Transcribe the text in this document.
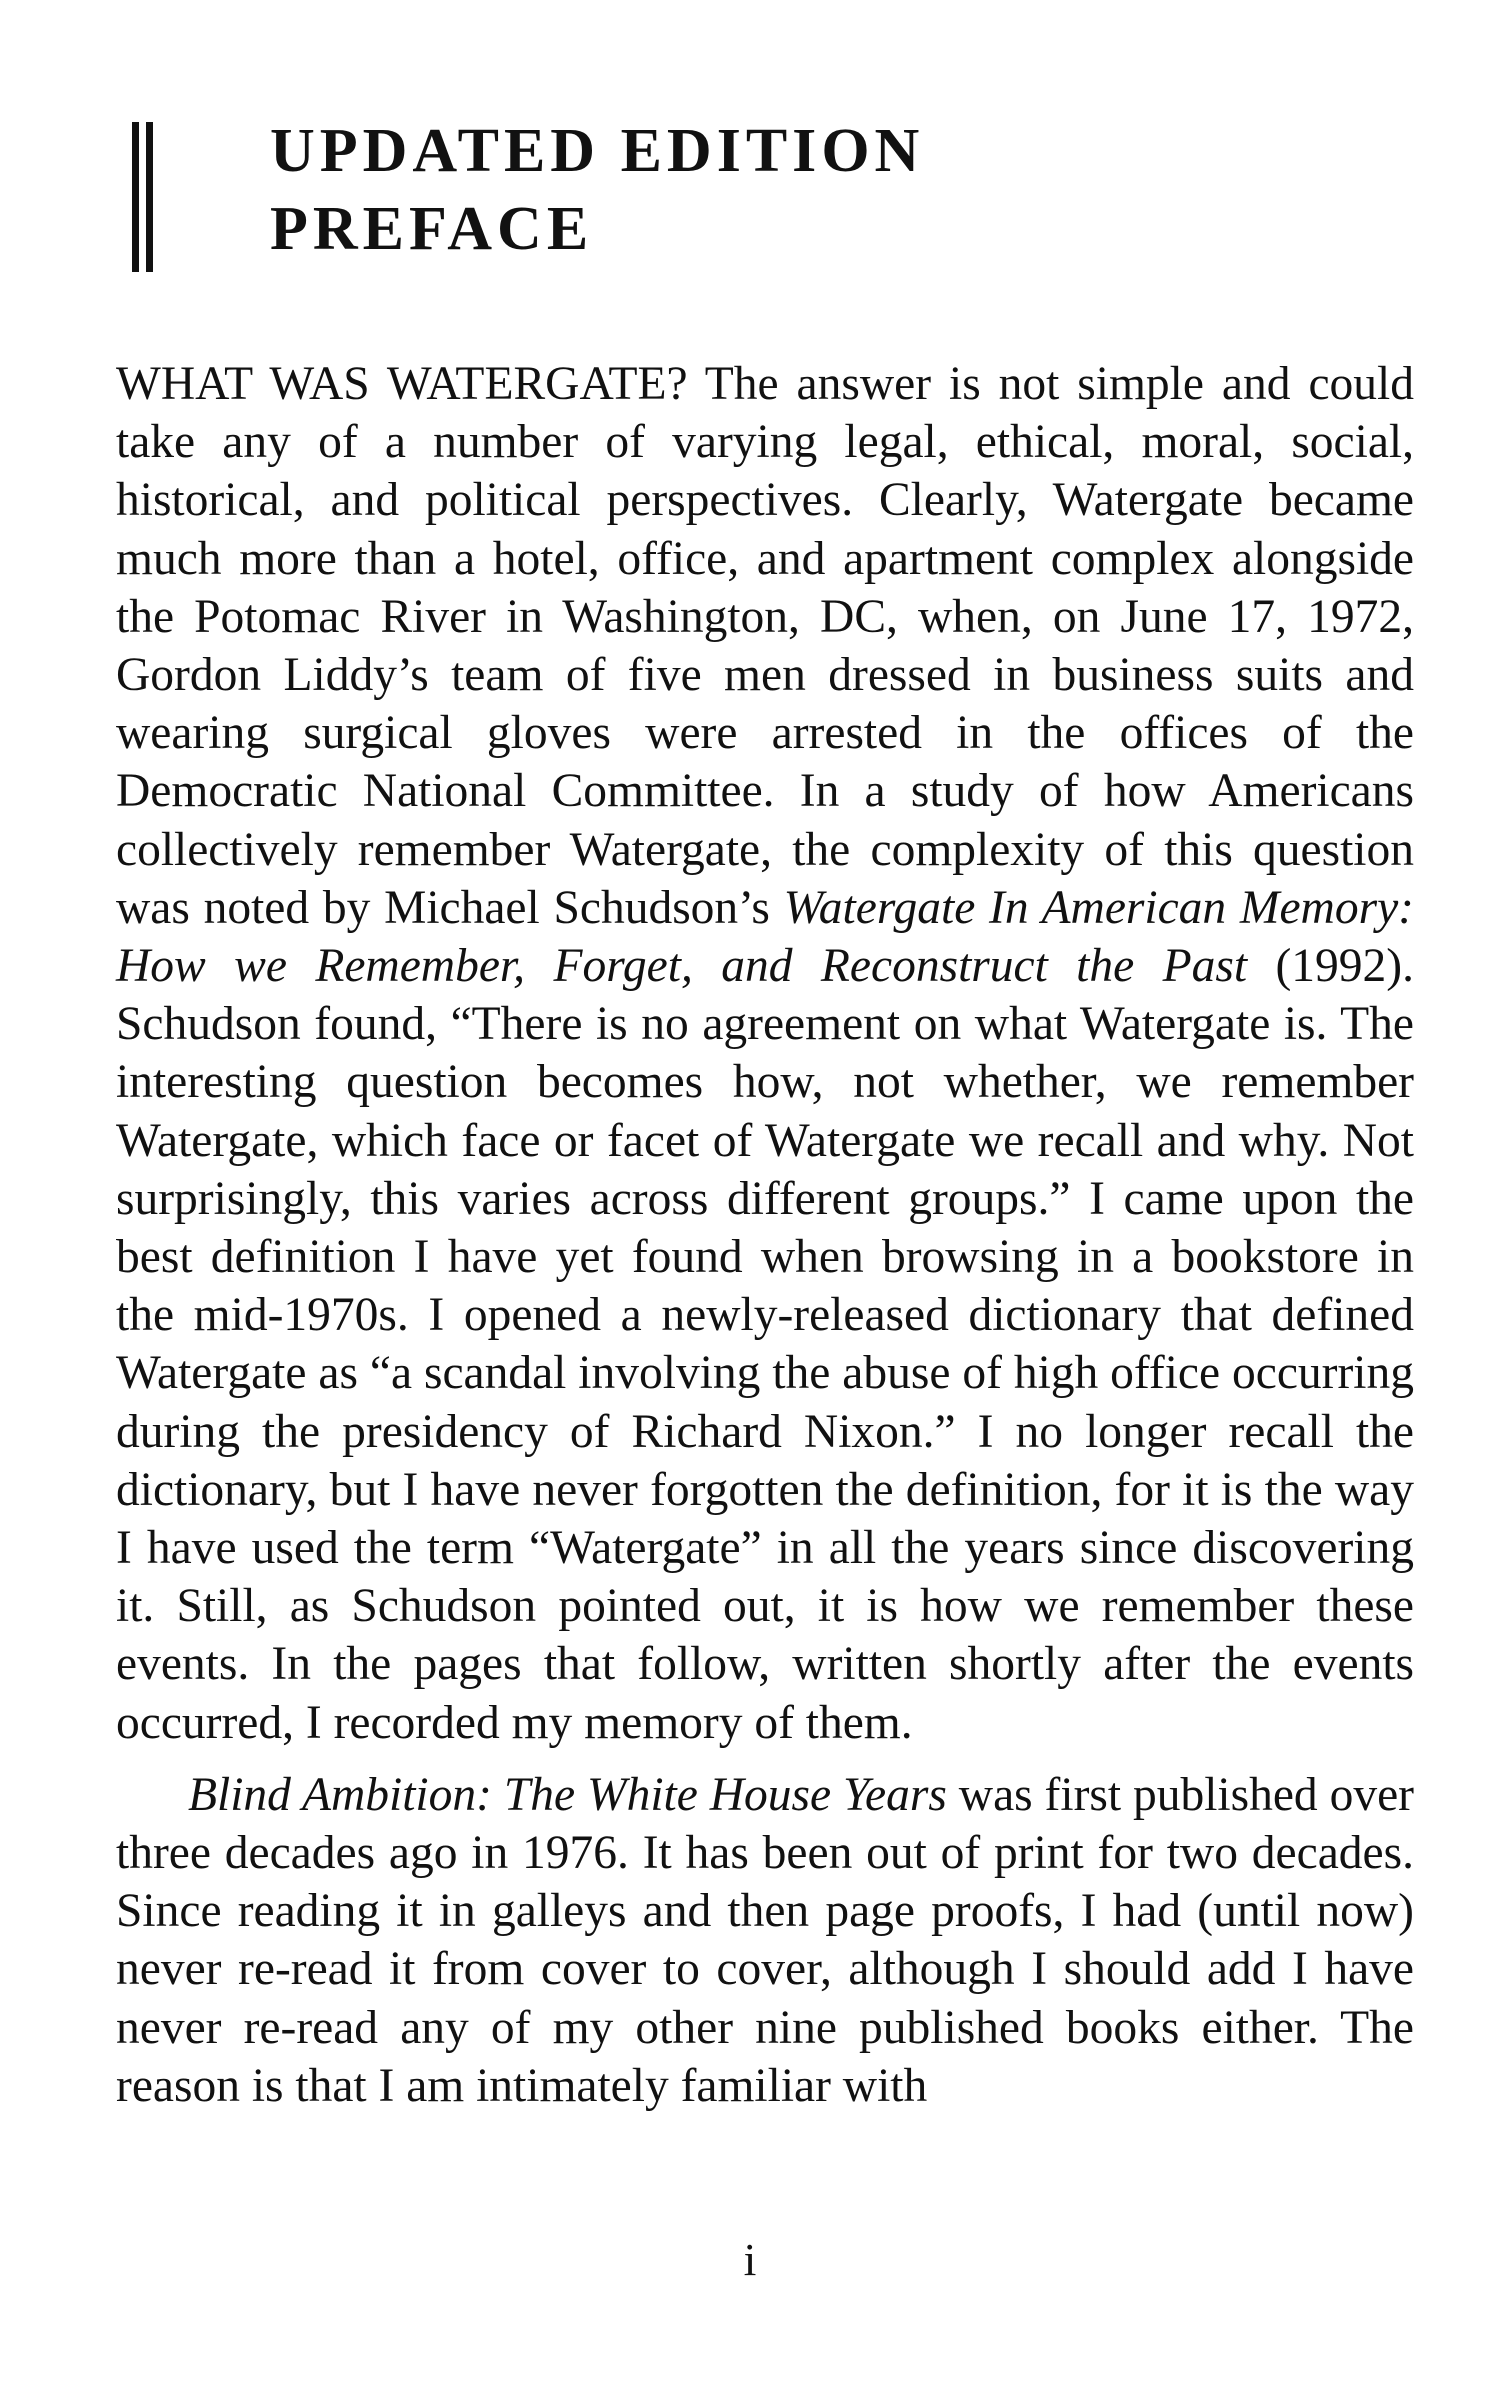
UPDATED EDITION
PREFACE

WHAT WAS WATERGATE? The answer is not simple and could take any of a number of varying legal, ethical, moral, social, historical, and political perspectives. Clearly, Watergate became much more than a hotel, office, and apartment complex alongside the Potomac River in Washington, DC, when, on June 17, 1972, Gordon Liddy’s team of five men dressed in business suits and wearing surgical gloves were arrested in the offices of the Democratic National Committee. In a study of how Americans collectively remember Watergate, the complexity of this question was noted by Michael Schudson’s Watergate In American Memory: How we Remember, Forget, and Reconstruct the Past (1992). Schudson found, “There is no agreement on what Watergate is. The interesting question becomes how, not whether, we remember Watergate, which face or facet of Watergate we recall and why. Not surprisingly, this varies across different groups.” I came upon the best definition I have yet found when browsing in a bookstore in the mid-1970s. I opened a newly-released dictionary that defined Watergate as “a scandal involving the abuse of high office occurring during the presidency of Richard Nixon.” I no longer recall the dictionary, but I have never forgotten the definition, for it is the way I have used the term “Watergate” in all the years since discovering it. Still, as Schudson pointed out, it is how we remember these events. In the pages that follow, written shortly after the events occurred, I recorded my memory of them.

Blind Ambition: The White House Years was first published over three decades ago in 1976. It has been out of print for two decades. Since reading it in galleys and then page proofs, I had (until now) never re-read it from cover to cover, although I should add I have never re-read any of my other nine published books either. The reason is that I am intimately familiar with

i
